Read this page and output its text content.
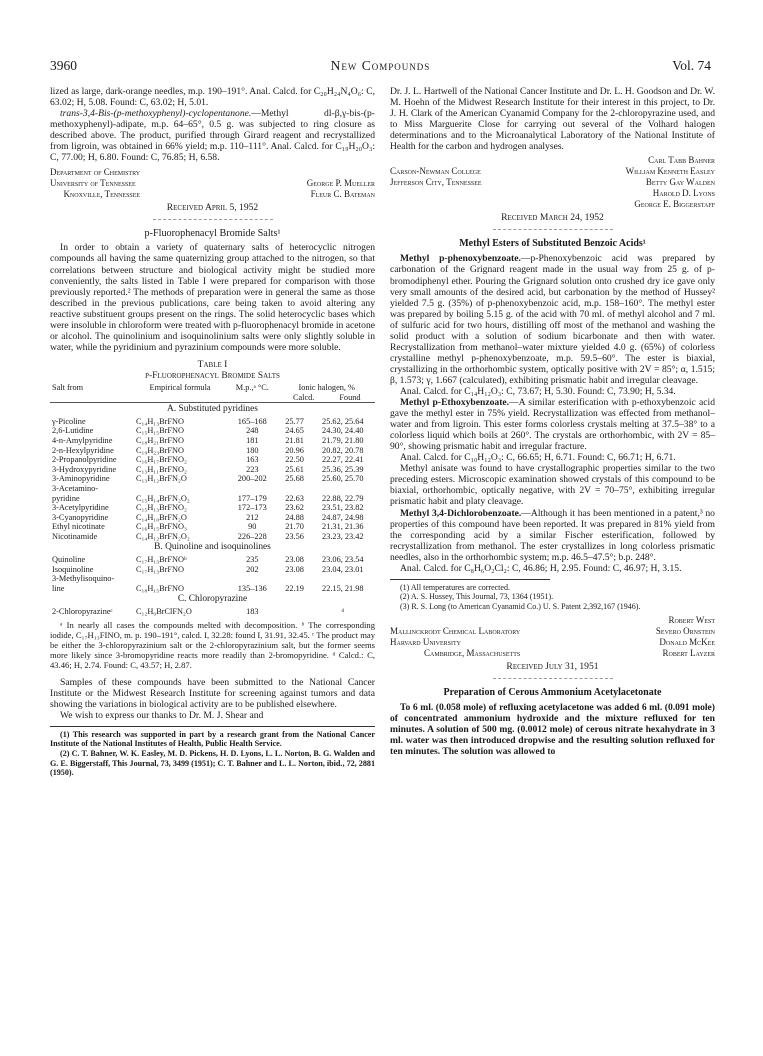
3960	New Compounds	Vol. 74

lized as large, dark-orange needles, m.p. 190–191°. Anal. Calcd. for C₂₀H₂₄N₄O₆: C, 63.02; H, 5.08. Found: C, 63.02; H, 5.01.

trans-3,4-Bis-(p-methoxyphenyl)-cyclopentanone.—Methyl dl-β,γ-bis-(p-methoxyphenyl)-adipate, m.p. 64–65°, 0.5 g. was subjected to ring closure as described above. The product, purified through Girard reagent and recrystallized from ligroin, was obtained in 66% yield; m.p. 110–111°. Anal. Calcd. for C₁₉H₂₀O₃: C, 77.00; H, 6.80. Found: C, 76.85; H, 6.58.

Department of Chemistry
University of Tennessee
Knoxville, Tennessee

George P. Mueller
Fleur C. Bateman
Received April 5, 1952
p-Fluorophenacyl Bromide Salts¹

In order to obtain a variety of quaternary salts of heterocyclic nitrogen compounds all having the same quaternizing group attached to the nitrogen, so that correlations between structure and biological activity might be studied more conveniently, the salts listed in Table I were prepared for comparison with those previously reported.² The methods of preparation were in general the same as those described in the previous publications, care being taken to avoid altering any reactive substituent groups present on the rings. The solid heterocyclic bases which were insoluble in chloroform were treated with p-fluorophenacyl bromide in acetone or alcohol. The quinolinium and isoquinolinium salts were only slightly soluble in water, while the pyridinium and pyrazinium compounds were more soluble.

Table I
p-Fluorophenacyl Bromide Salts
Salt from	Empirical formula	M.p.,ᵃ °C.	Ionic halogen, %
Calcd. Found	

A. Substituted pyridines				
γ-Picoline	C₁₄H₁₃BrFNO	165–168	25.77	25.62, 25.64
2,6-Lutidine	C₁₅H₁₅BrFNO	248	24.65	24.30, 24.40
4-n-Amylpyridine	C₁₈H₂₁BrFNO	181	21.81	21.79, 21.80
2-n-Hexylpyridine	C₁₉H₂₃BrFNO	180	20.96	20.82, 20.78
2-Propanolpyridine	C₁₆H₁₇BrFNO₂	163	22.50	22.27, 22.41
3-Hydroxypyridine	C₁₃H₁₁BrFNO₂	223	25.61	25.36, 25.39
3-Aminopyridine	C₁₃H₁₂BrFN₂O	200–202	25.68	25.60, 25.70
3-Acetamino-				
pyridine	C₁₅H₁₄BrFN₂O₂	177–179	22.63	22.88, 22.79
3-Acetylpyridine	C₁₅H₁₃BrFNO₂	172–173	23.62	23.51, 23.82
3-Cyanopyridine	C₁₄H₁₀BrFN₂O	212	24.88	24.87, 24.98
Ethyl nicotinate	C₁₆H₁₅BrFNO₃	90	21.70	21.31, 21.36
Nicotinamide	C₁₄H₁₂BrFN₂O₂	226–228	23.56	23.23, 23.42
B. Quinoline and isoquinolines				
Quinoline	C₁₇H₁₃BrFNOᵇ	235	23.08	23.06, 23.54
Isoquinoline	C₁₇H₁₃BrFNO	202	23.08	23.04, 23.01
3-Methylisoquino-				
line	C₁₈H₁₅BrFNO	135–136	22.19	22.15, 21.98
C. Chloropyrazine				
2-Chloropyrazineᶜ	C₁₂H₉BrClFN₂O	183		ᵈ

ᵃ In nearly all cases the compounds melted with decomposition. ᵇ The corresponding iodide, C₁₇H₁₃FINO, m. p. 190–191°, calcd. I, 32.28: found I, 31.91, 32.45. ᶜ The product may be either the 3-chloropyrazinium salt or the 2-chloropyrazinium salt, but the former seems more likely since 3-bromopyridine reacts more readily than 2-bromopyridine. ᵈ Calcd.: C, 43.46; H, 2.74. Found: C, 43.57; H, 2.87.

Samples of these compounds have been submitted to the National Cancer Institute or the Midwest Research Institute for screening against tumors and data showing the variations in biological activity are to be published elsewhere.

We wish to express our thanks to Dr. M. J. Shear and

(1) This research was supported in part by a research grant from the National Cancer Institute of the National Institutes of Health, Public Health Service.

(2) C. T. Bahner, W. K. Easley, M. D. Pickens, H. D. Lyons, L. L. Norton, B. G. Walden and G. E. Biggerstaff, This Journal, 73, 3499 (1951); C. T. Bahner and L. L. Norton, ibid., 72, 2881 (1950).

Dr. J. L. Hartwell of the National Cancer Institute and Dr. L. H. Goodson and Dr. W. M. Hoehn of the Midwest Research Institute for their interest in this project, to Dr. J. H. Clark of the American Cyanamid Company for the 2-chloropyrazine used, and to Miss Marguerite Close for carrying out several of the Volhard halogen determinations and to the Microanalytical Laboratory of the National Institute of Health for the carbon and hydrogen analyses.

Carl Tabb Bahner
Carson-Newman College
Jefferson City, Tennessee
William Kenneth Easley
Betty Gay Walden
Harold D. Lyons
George E. Biggerstaff
Received March 24, 1952
Methyl Esters of Substituted Benzoic Acids¹

Methyl p-phenoxybenzoate.—p-Phenoxybenzoic acid was prepared by carbonation of the Grignard reagent made in the usual way from 25 g. of p-bromodiphenyl ether. Pouring the Grignard solution onto crushed dry ice gave only very small amounts of the desired acid, but carbonation by the method of Hussey² yielded 7.5 g. (35%) of p-phenoxybenzoic acid, m.p. 158–160°. The methyl ester was prepared by boiling 5.15 g. of the acid with 70 ml. of methyl alcohol and 7 ml. of sulfuric acid for two hours, distilling off most of the methanol and washing the solid product with a solution of sodium bicarbonate and then with water. Recrystallization from methanol–water mixture yielded 4.0 g. (65%) of colorless crystalline methyl p-phenoxybenzoate, m.p. 59.5–60°. The ester is biaxial, crystallizing in the orthorhombic system, optically positive with 2V = 85°; α, 1.515; β, 1.573; γ, 1.667 (calculated), exhibiting prismatic habit and irregular cleavage.

Anal. Calcd. for C₁₄H₁₂O₃: C, 73.67; H, 5.30. Found: C, 73.90; H, 5.34.

Methyl p-Ethoxybenzoate.—A similar esterification with p-ethoxybenzoic acid gave the methyl ester in 75% yield. Recrystallization was effected from methanol–water and from ligroin. This ester forms colorless crystals melting at 37.5–38° to a colorless liquid which boils at 260°. The crystals are orthorhombic, with 2V = 85–90°, showing prismatic habit and irregular fracture.

Anal. Calcd. for C₁₀H₁₂O₃: C, 66.65; H, 6.71. Found: C, 66.71; H, 6.71.

Methyl anisate was found to have crystallographic properties similar to the two preceding esters. Microscopic examination showed crystals of this compound to be biaxial, orthorhombic, optically negative, with 2V = 70–75°, exhibiting irregular prismatic habit and platy cleavage.

Methyl 3,4-Dichlorobenzoate.—Although it has been mentioned in a patent,³ no properties of this compound have been reported. It was prepared in 81% yield from the corresponding acid by a similar Fischer esterification, followed by recrystallization from methanol. The ester crystallizes in long colorless prismatic needles, also in the orthorhombic system; m.p. 46.5–47.5°; b.p. 248°.

Anal. Calcd. for C₈H₆O₂Cl₂: C, 46.86; H, 2.95. Found: C, 46.97; H, 3.15.

(1) All temperatures are corrected.

(2) A. S. Hussey, This Journal, 73, 1364 (1951).

(3) R. S. Long (to American Cyanamid Co.) U. S. Patent 2,392,167 (1946).

Robert West
Mallinckrodt Chemical Laboratory
Harvard University
Cambridge, Massachusetts
Severo Ornstein
Donald McKee
Robert Layzer
Received July 31, 1951
Preparation of Cerous Ammonium Acetylacetonate

To 6 ml. (0.058 mole) of refluxing acetylacetone was added 6 ml. (0.091 mole) of concentrated ammonium hydroxide and the mixture refluxed for ten minutes. A solution of 500 mg. (0.0012 mole) of cerous nitrate hexahydrate in 3 ml. water was then introduced dropwise and the resulting solution refluxed for ten minutes. The solution was allowed to
